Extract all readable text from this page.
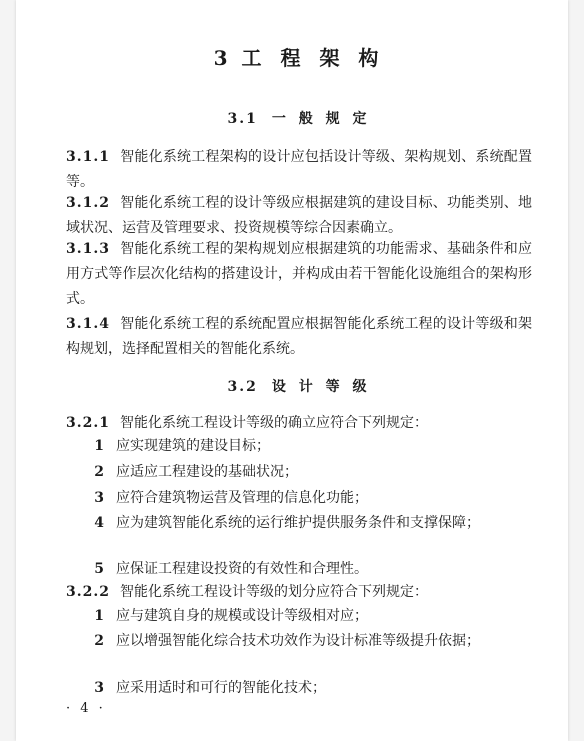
3 工 程 架 构
3.1 一 般 规 定
3.1.1 智能化系统工程架构的设计应包括设计等级、架构规划、系统配置等。
3.1.2 智能化系统工程的设计等级应根据建筑的建设目标、功能类别、地域状况、运营及管理要求、投资规模等综合因素确立。
3.1.3 智能化系统工程的架构规划应根据建筑的功能需求、基础条件和应用方式等作层次化结构的搭建设计，并构成由若干智能化设施组合的架构形式。
3.1.4 智能化系统工程的系统配置应根据智能化系统工程的设计等级和架构规划，选择配置相关的智能化系统。
3.2 设 计 等 级
3.2.1 智能化系统工程设计等级的确立应符合下列规定：
1 应实现建筑的建设目标；
2 应适应工程建设的基础状况；
3 应符合建筑物运营及管理的信息化功能；
4 应为建筑智能化系统的运行维护提供服务条件和支撑保障；
5 应保证工程建设投资的有效性和合理性。
3.2.2 智能化系统工程设计等级的划分应符合下列规定：
1 应与建筑自身的规模或设计等级相对应；
2 应以增强智能化综合技术功效作为设计标准等级提升依据；
3 应采用适时和可行的智能化技术；
· 4 ·
